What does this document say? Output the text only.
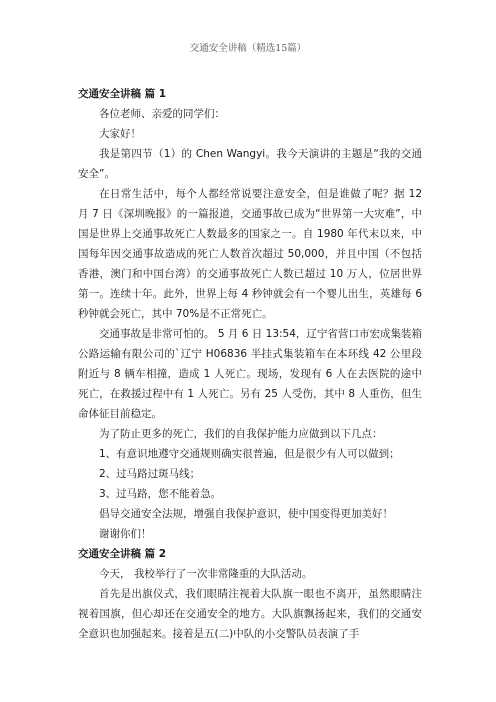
交通安全讲稿（精选15篇）

交通安全讲稿 篇 1

各位老师、亲爱的同学们：

大家好！

我是第四节（1）的 Chen Wangyi。我今天演讲的主题是“我的交通安全”。

在日常生活中，每个人都经常说要注意安全，但是谁做了呢？据 12 月 7 日《深圳晚报》的一篇报道，交通事故已成为“世界第一大灾难”，中国是世界上交通事故死亡人数最多的国家之一。自 1980 年代末以来，中国每年因交通事故造成的死亡人数首次超过 50,000，并且中国（不包括香港，澳门和中国台湾）的交通事故死亡人数已超过 10 万人，位居世界第一。连续十年。此外，世界上每 4 秒钟就会有一个婴儿出生，英雄每 6 秒钟就会死亡，其中 70%是不正常死亡。

交通事故是非常可怕的。 5 月 6 日 13:54，辽宁省营口市宏成集装箱公路运输有限公司的`辽宁 H06836 半挂式集装箱车在本环线 42 公里段附近与 8 辆车相撞，造成 1 人死亡。现场，发现有 6 人在去医院的途中死亡，在救援过程中有 1 人死亡。另有 25 人受伤，其中 8 人重伤，但生命体征目前稳定。

为了防止更多的死亡，我们的自我保护能力应做到以下几点：

1、有意识地遵守交通规则确实很普遍，但是很少有人可以做到；

2、过马路过斑马线；

3、过马路，您不能着急。

倡导交通安全法规，增强自我保护意识，使中国变得更加美好！

谢谢你们！

交通安全讲稿 篇 2

今天， 我校举行了一次非常隆重的大队活动。

首先是出旗仪式，我们眼睛注视着大队旗一眼也不离开，虽然眼睛注视着国旗，但心却还在交通安全的地方。大队旗飘扬起来，我们的交通安全意识也加强起来。接着是五(二)中队的小交警队员表演了手
